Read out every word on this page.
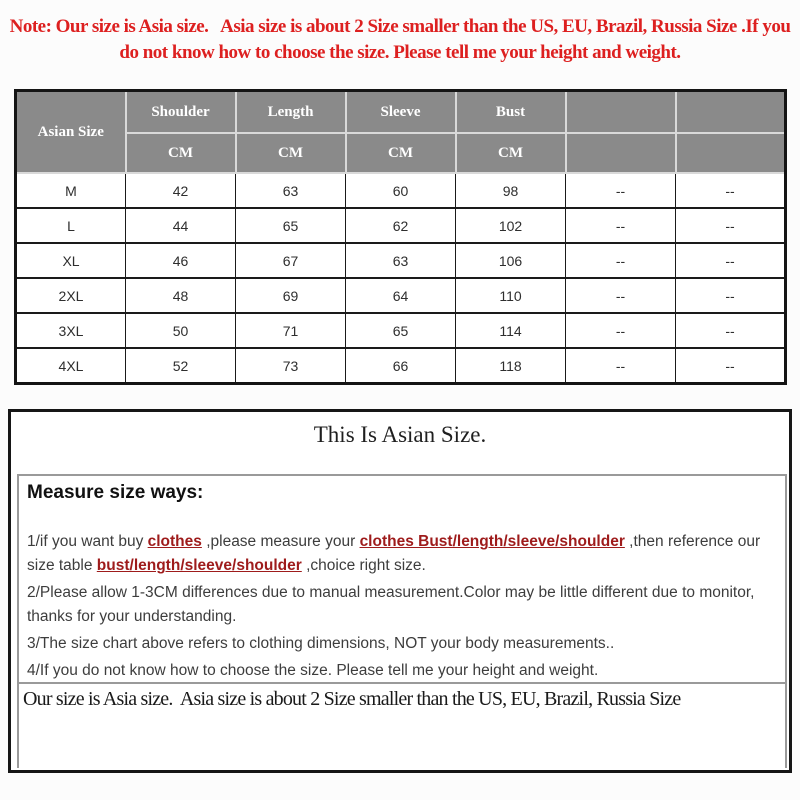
Note: Our size is Asia size.   Asia size is about 2 Size smaller than the US, EU, Brazil, Russia Size .If you do not know how to choose the size. Please tell me your height and weight.
Asian Size	Shoulder	Length	Sleeve	Bust		
	CM	CM	CM	CM		
M	42	63	60	98	--	--
L	44	65	62	102	--	--
XL	46	67	63	106	--	--
2XL	48	69	64	110	--	--
3XL	50	71	65	114	--	--
4XL	52	73	66	118	--	--
This Is Asian Size.
Measure size ways:

1/if you want buy clothes ,please measure your clothes Bust/length/sleeve/shoulder ,then reference our size table bust/length/sleeve/shoulder ,choice right size.

2/Please allow 1-3CM differences due to manual measurement.Color may be little different due to monitor, thanks for your understanding.

3/The size chart above refers to clothing dimensions, NOT your body measurements..

4/If you do not know how to choose the size. Please tell me your height and weight.

Our size is Asia size.  Asia size is about 2 Size smaller than the US, EU, Brazil, Russia Size
